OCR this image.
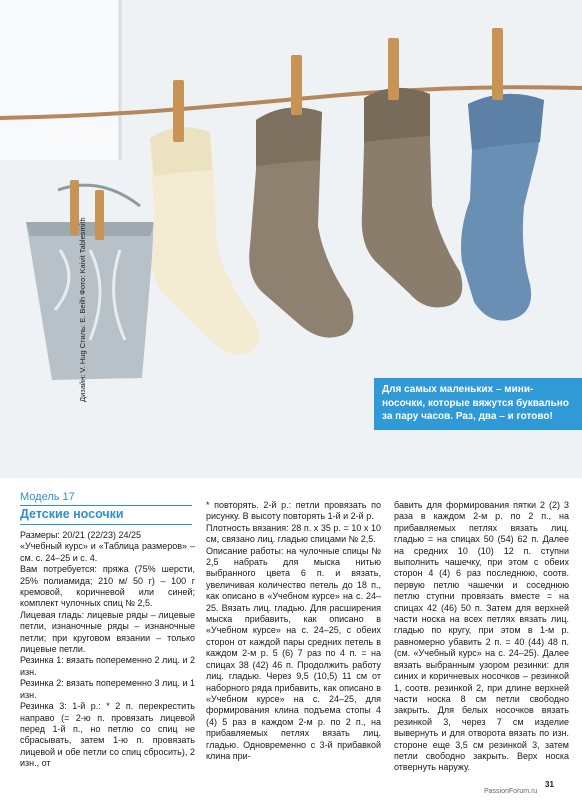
Для самых маленьких – мини-носочки, которые вяжутся буквально за пару часов. Раз, два – и готово!
Дизайн: V. Hug Стиль: E. Beilh Фото: Kaivit Tablesmith
Модель 17
Детские носочки

Размеры: 20/21 (22/23) 24/25

«Учебный курс» и «Таблица размеров» – см. с. 24–25 и с. 4.

Вам потребуется: пряжа (75% шерсти, 25% полиамида; 210 м/ 50 г) – 100 г кремовой, коричневой или синей; комплект чулочных спиц № 2,5.

Лицевая гладь: лицевые ряды – лицевые петли, изнаночные ряды – изнаночные петли; при круговом вязании – только лицевые петли.

Резинка 1: вязать попеременно 2 лиц. и 2 изн.

Резинка 2: вязать попеременно 3 лиц. и 1 изн.

Резинка 3: 1-й р.: * 2 п. перекрестить направо (= 2-ю п. провязать лицевой перед 1-й п., но петлю со спиц не сбрасывать, затем 1-ю п. провязать лицевой и обе петли со спиц сбросить), 2 изн., от

* повторять. 2-й р.: петли провязать по рисунку. В высоту повторять 1-й и 2-й р.

Плотность вязания: 28 п. х 35 р. = 10 х 10 см, связано лиц. гладью спицами № 2,5.

Описание работы: на чулочные спицы № 2,5 набрать для мыска нитью выбранного цвета 6 п. и вязать, увеличивая количество петель до 18 п., как описано в «Учебном курсе» на с. 24–25. Вязать лиц. гладью. Для расширения мыска прибавить, как описано в «Учебном курсе» на с. 24–25, с обеих сторон от каждой пары средних петель в каждом 2-м р. 5 (6) 7 раз по 4 п. = на спицах 38 (42) 46 п. Продолжить работу лиц. гладью. Через 9,5 (10,5) 11 см от наборного ряда прибавить, как описано в «Учебном курсе» на с. 24–25, для формирования клина подъема стопы 4 (4) 5 раз в каждом 2-м р. по 2 п., на прибавляемых петлях вязать лиц. гладью. Одновременно с 3-й прибавкой клина при-

бавить для формирования пятки 2 (2) 3 раза в каждом 2-м р. по 2 п., на прибавляемых петлях вязать лиц. гладью = на спицах 50 (54) 62 п. Далее на средних 10 (10) 12 п. ступни выполнить чашечку, при этом с обеих сторон 4 (4) 6 раз последнюю, соотв. первую петлю чашечки и соседнюю петлю ступни провязать вместе = на спицах 42 (46) 50 п. Затем для верхней части носка на всех петлях вязать лиц. гладью по кругу, при этом в 1-м р. равномерно убавить 2 п. = 40 (44) 48 п. (см. «Учебный курс» на с. 24–25). Далее вязать выбранным узором резинки: для синих и коричневых носочков – резинкой 1, соотв. резинкой 2, при длине верхней части носка 8 см петли свободно закрыть. Для белых носочков вязать резинкой 3, через 7 см изделие вывернуть и для отворота вязать по изн. стороне еще 3,5 см резинкой 3, затем петли свободно закрыть. Верх носка отвернуть наружу.

31
PassionForum.ru
